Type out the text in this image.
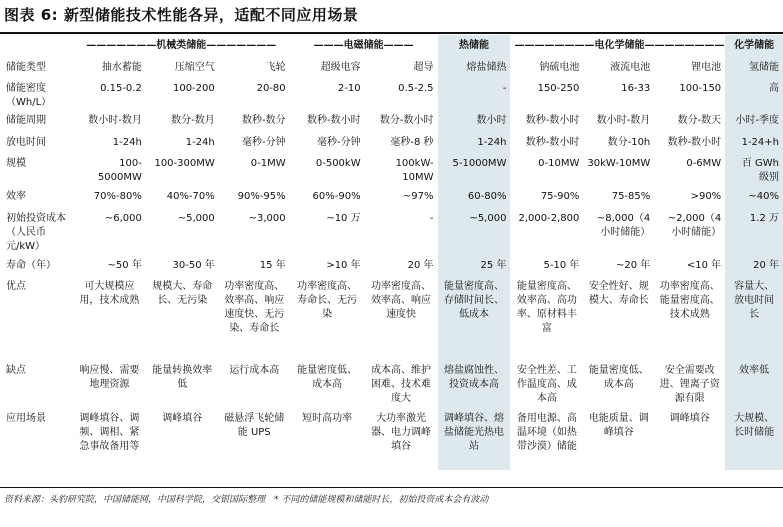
图表 6: 新型储能技术性能各异，适配不同应用场景
	———————机械类储能———————			———电磁储能———		热储能	————————电化学储能————————			化学储能
储能类型	抽水蓄能	压缩空气	飞轮	超级电容	超导	熔盐储热	钠硫电池	液流电池	锂电池	氢储能
储能密度（Wh/L）	0.15-0.2	100-200	20-80	2-10	0.5-2.5	-	150-250	16-33	100-150	高
储能周期	数小时-数月	数分-数月	数秒-数分	数秒-数小时	数分-数小时	数小时	数秒-数小时	数小时-数月	数分-数天	小时-季度
放电时间	1-24h	1-24h	毫秒-分钟	毫秒-分钟	毫秒-8 秒	1-24h	数秒-数小时	数分-10h	数秒-数小时	1-24+h
规模	100-5000MW	100-300MW	0-1MW	0-500kW	100kW-10MW	5-1000MW	0-10MW	30kW-10MW	0-6MW	百 GWh 级别
效率	70%-80%	40%-70%	90%-95%	60%-90%	~97%	60-80%	75-90%	75-85%	>90%	~40%
初始投资成本（人民币元/kW）	~6,000	~5,000	~3,000	~10 万	-	~5,000	2,000-2,800	~8,000（4 小时储能）	~2,000（4 小时储能）	1.2 万
寿命（年）	~50 年	30-50 年	15 年	>10 年	20 年	25 年	5-10 年	~20 年	<10 年	20 年
优点	可大规模应用，技术成熟	规模大、寿命长、无污染	功率密度高、效率高、响应速度快、无污染、寿命长	功率密度高、寿命长、无污染	功率密度高、效率高、响应速度快	能量密度高、存储时间长、低成本	能量密度高、效率高、高功率、原材料丰富	安全性好、规模大、寿命长	功率密度高、能量密度高、技术成熟	容量大、放电时间长
缺点	响应慢、需要地理资源	能量转换效率低	运行成本高	能量密度低、成本高	成本高、维护困难、技术难度大	熔盐腐蚀性、投资成本高	安全性差、工作温度高、成本高	能量密度低、成本高	安全需要改进、锂离子资源有限	效率低
应用场景	调峰填谷、调频、调相、紧急事故备用等	调峰填谷	磁悬浮飞轮储能 UPS	短时高功率	大功率激光器、电力调峰填谷	调峰填谷、熔盐储能光热电站	备用电源、高温环境（如热带沙漠）储能	电能质量、调峰填谷	调峰填谷	大规模、长时储能
资料来源：头豹研究院，中国储能网，中国科学院，交银国际整理　* 不同的储能规模和储能时长，初始投资成本会有波动
